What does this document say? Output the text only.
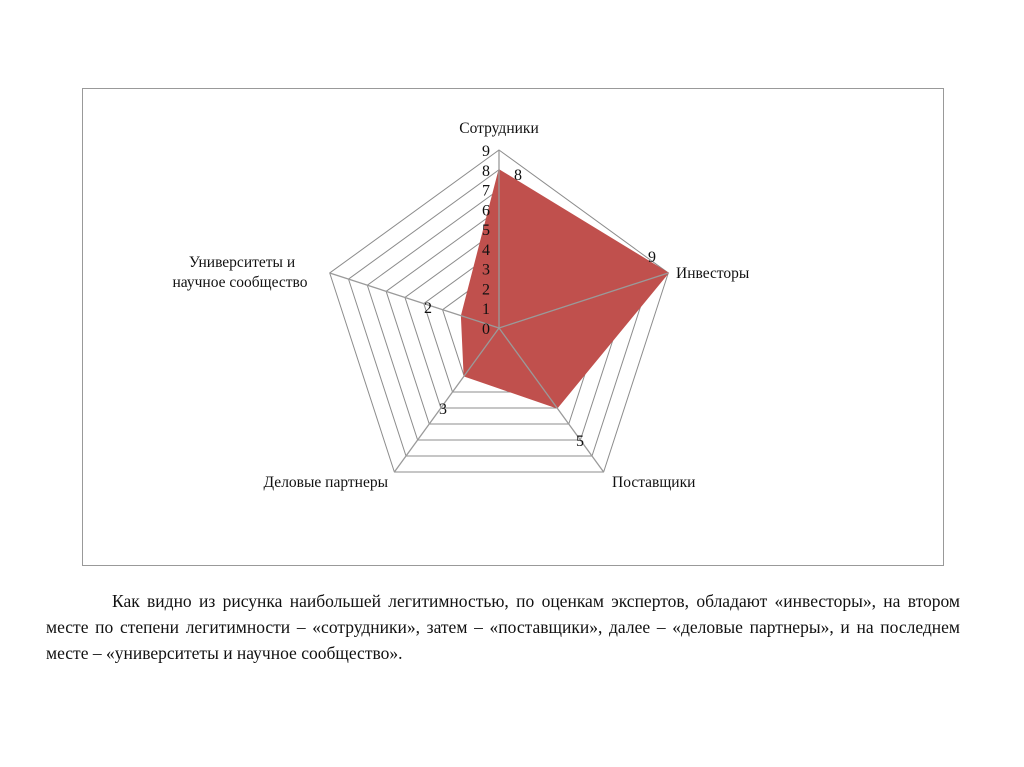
0
1
2
3
4
5
6
7
8
9
Сотрудники
Инвесторы
Поставщики
Деловые партнеры
Университеты и научное сообщество
8
9
5
3
2

Как видно из рисунка наибольшей легитимностью, по оценкам экспертов, обладают «инвесторы», на втором месте по степени легитимности – «сотрудники», затем – «поставщики», далее – «деловые партнеры», и на последнем месте – «университеты и научное сообщество».
